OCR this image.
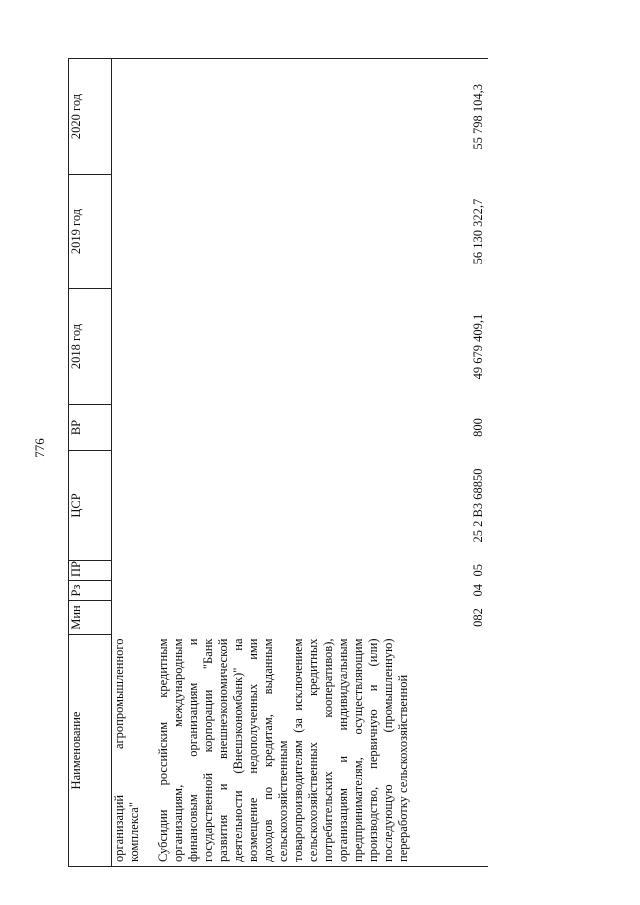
776
Наименование	Мин	Рз	ПР	ЦСР	ВР	2018 год	2019 год	2020 год
организаций агропромышленного комплекса"								

Субсидии российским кредитным организациям, международным финансовым организациям и государственной корпорации "Банк развития и внешнеэкономической деятельности (Внешэкономбанк)" на возмещение недополученных ими доходов по кредитам, выданным сельскохозяйственным товаропроизводителям (за исключением сельскохозяйственных кредитных потребительских кооперативов), организациям и индивидуальным предпринимателям, осуществляющим производство, первичную и (или) последующую (промышленную) переработку сельскохозяйственной	082	04	05	25 2 В3 68850	800	49 679 409,1	56 130 322,7	55 798 104,3
